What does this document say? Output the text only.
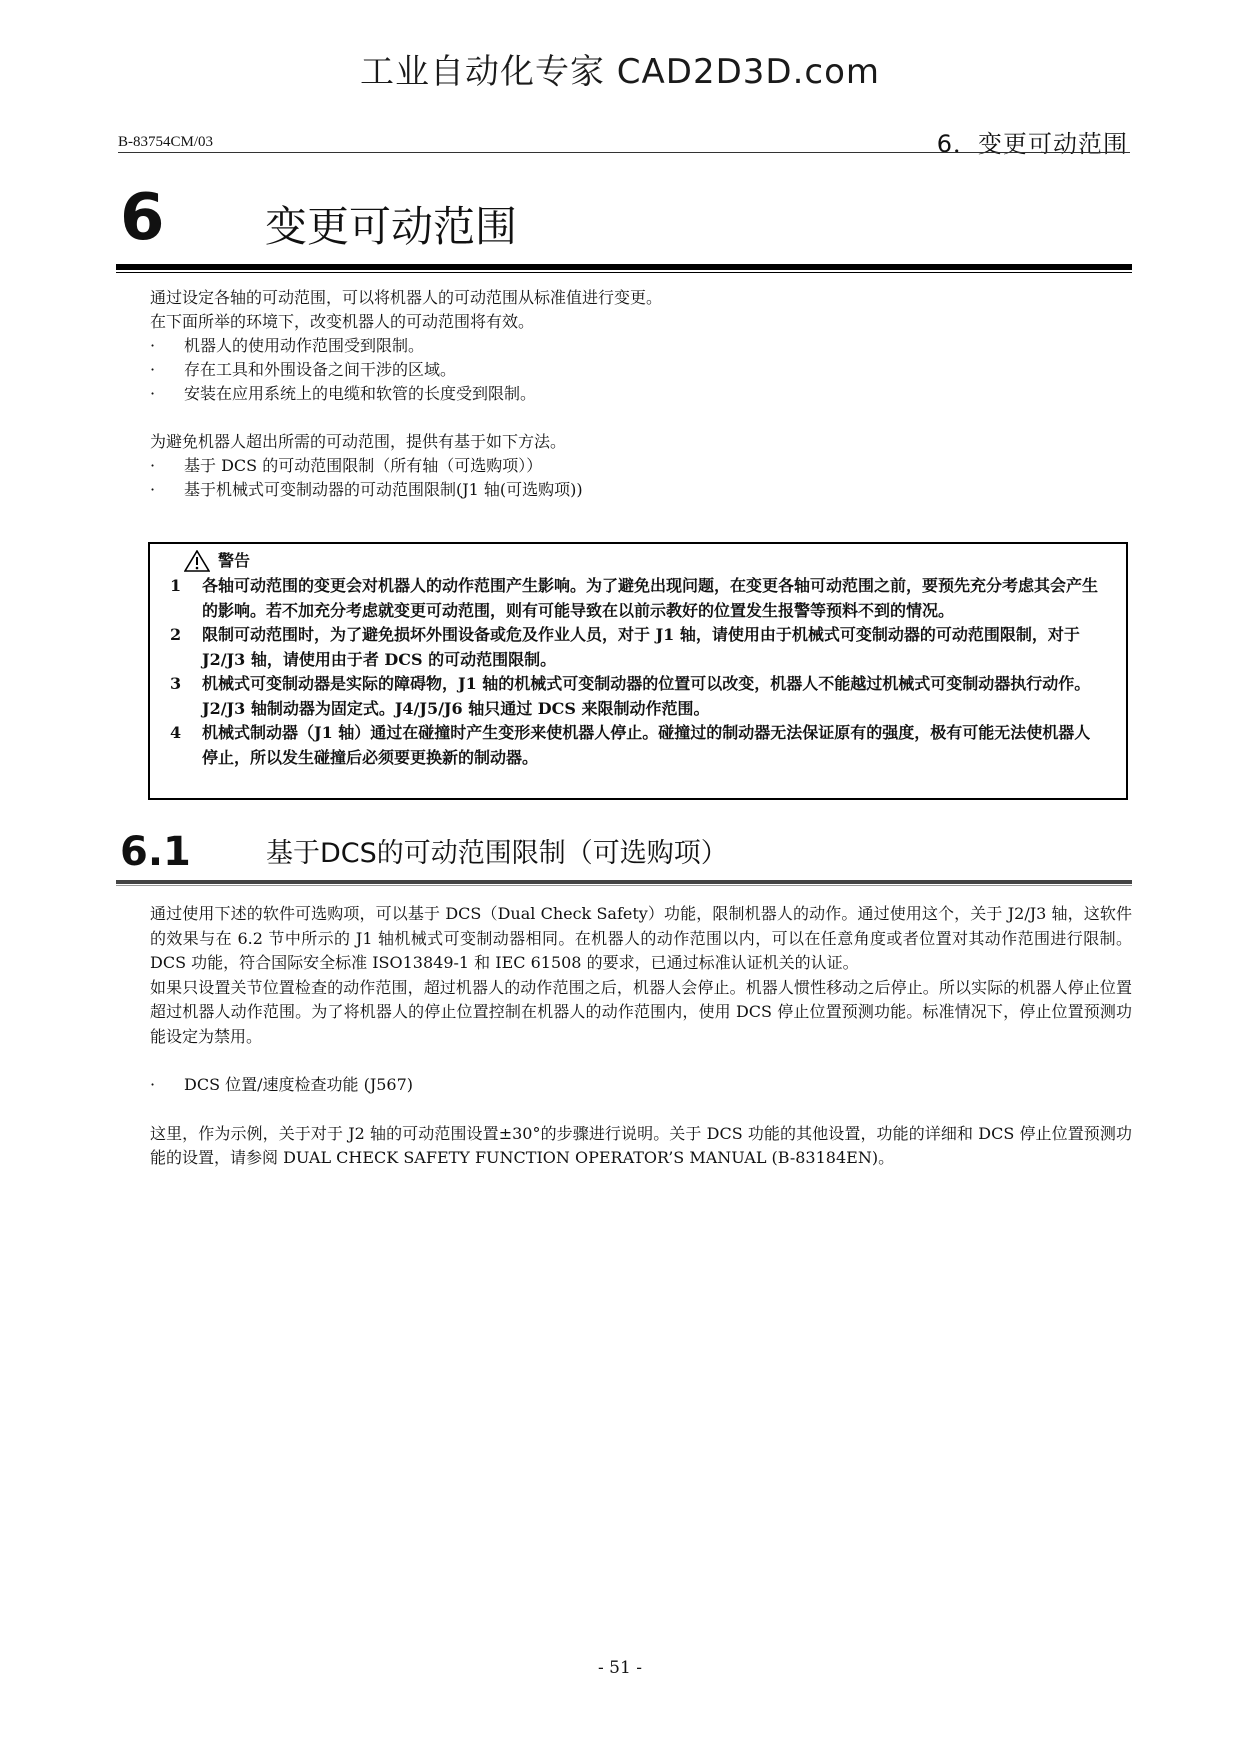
工业自动化专家 CAD2D3D.com
B-83754CM/03	6．变更可动范围
6 变更可动范围

通过设定各轴的可动范围，可以将机器人的可动范围从标准值进行变更。

在下面所举的环境下，改变机器人的可动范围将有效。

·	机器人的使用动作范围受到限制。
·	存在工具和外围设备之间干涉的区域。
·	安装在应用系统上的电缆和软管的长度受到限制。

为避免机器人超出所需的可动范围，提供有基于如下方法。

·	基于 DCS 的可动范围限制（所有轴（可选购项））
·	基于机械式可变制动器的可动范围限制(J1 轴(可选购项))
警告
1	各轴可动范围的变更会对机器人的动作范围产生影响。为了避免出现问题，在变更各轴可动范围之前，要预先充分考虑其会产生的影响。若不加充分考虑就变更可动范围，则有可能导致在以前示教好的位置发生报警等预料不到的情况。
2	限制可动范围时，为了避免损坏外围设备或危及作业人员，对于 J1 轴，请使用由于机械式可变制动器的可动范围限制，对于 J2/J3 轴，请使用由于者 DCS 的可动范围限制。
3	机械式可变制动器是实际的障碍物，J1 轴的机械式可变制动器的位置可以改变，机器人不能越过机械式可变制动器执行动作。J2/J3 轴制动器为固定式。J4/J5/J6 轴只通过 DCS 来限制动作范围。
4	机械式制动器（J1 轴）通过在碰撞时产生变形来使机器人停止。碰撞过的制动器无法保证原有的强度，极有可能无法使机器人停止，所以发生碰撞后必须要更换新的制动器。
6.1	基于DCS的可动范围限制（可选购项）

通过使用下述的软件可选购项，可以基于 DCS（Dual Check Safety）功能，限制机器人的动作。通过使用这个，关于 J2/J3 轴，这软件的效果与在 6.2 节中所示的 J1 轴机械式可变制动器相同。在机器人的动作范围以内，可以在任意角度或者位置对其动作范围进行限制。DCS 功能，符合国际安全标准 ISO13849-1 和 IEC 61508 的要求，已通过标准认证机关的认证。

如果只设置关节位置检查的动作范围，超过机器人的动作范围之后，机器人会停止。机器人惯性移动之后停止。所以实际的机器人停止位置超过机器人动作范围。为了将机器人的停止位置控制在机器人的动作范围内，使用 DCS 停止位置预测功能。标准情况下，停止位置预测功能设定为禁用。

·	DCS 位置/速度检查功能 (J567)

这里，作为示例，关于对于 J2 轴的可动范围设置±30°的步骤进行说明。关于 DCS 功能的其他设置，功能的详细和 DCS 停止位置预测功能的设置，请参阅 DUAL CHECK SAFETY FUNCTION OPERATOR’S MANUAL (B-83184EN)。

- 51 -
